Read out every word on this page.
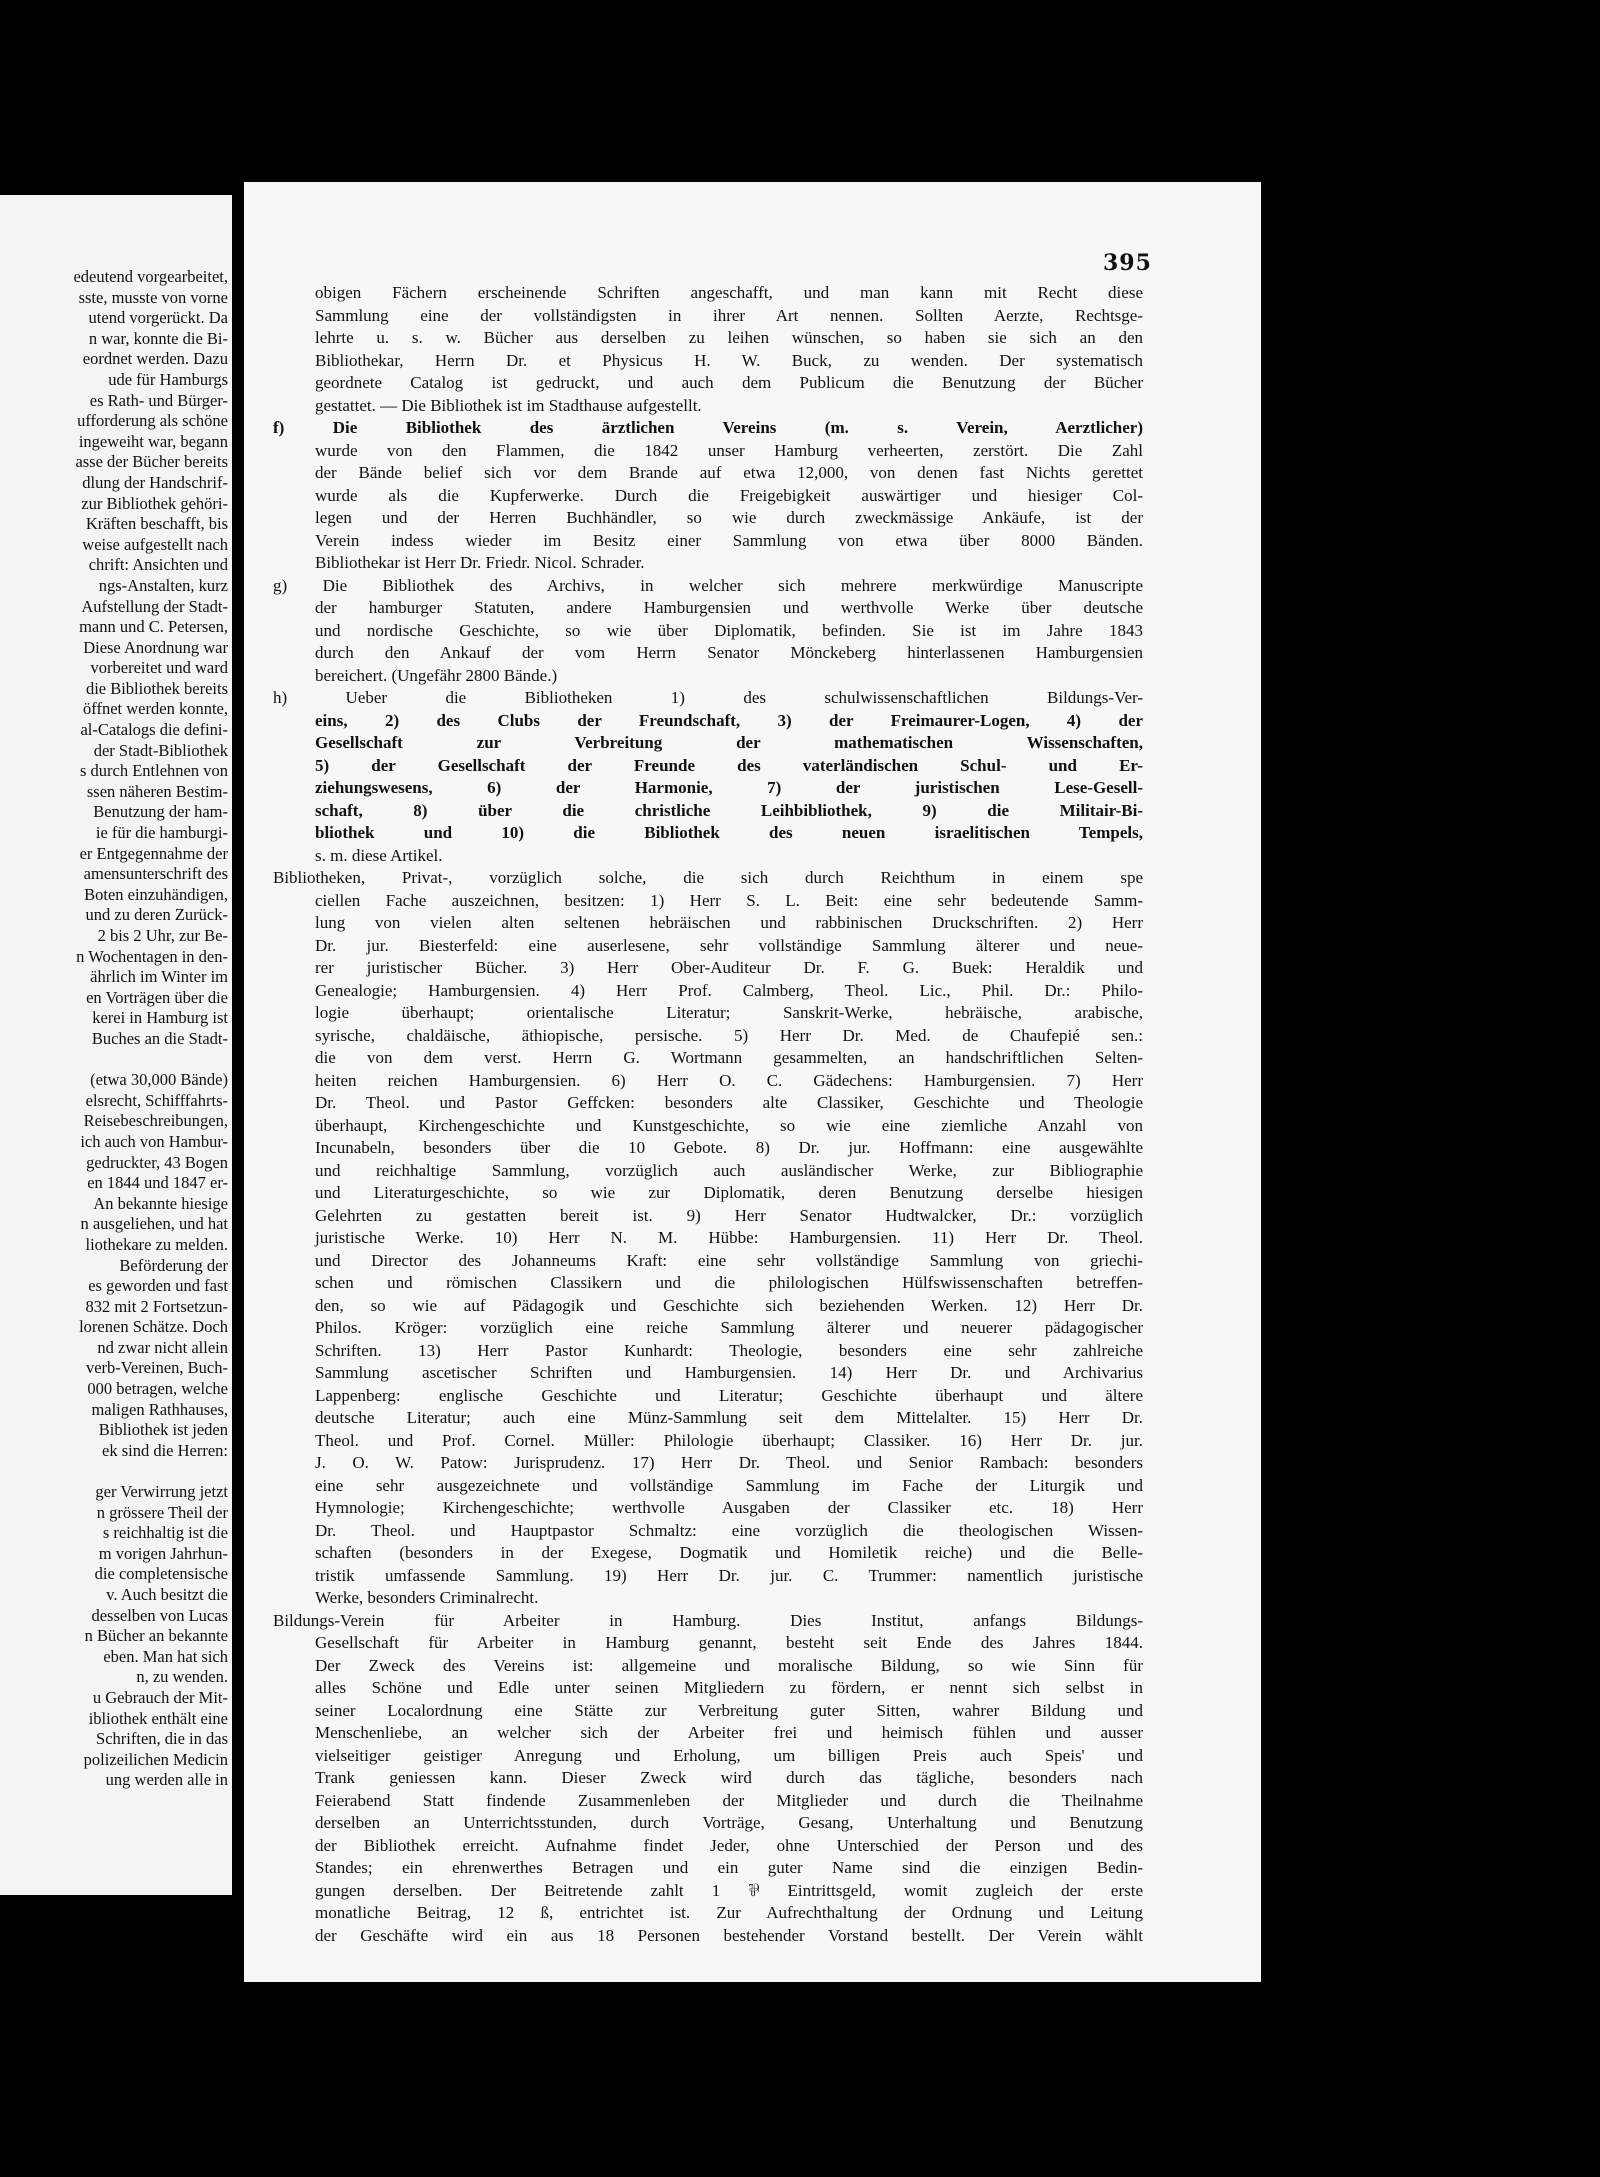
edeutend vorgearbeitet,
sste, musste von vorne
utend vorgerückt. Da
n war, konnte die Bi-
eordnet werden. Dazu
ude für Hamburgs
es Rath- und Bürger-
ufforderung als schöne
ingeweiht war, begann
asse der Bücher bereits
dlung der Handschrif-
zur Bibliothek gehöri-
Kräften beschafft, bis
weise aufgestellt nach
chrift: Ansichten und
ngs-Anstalten, kurz
Aufstellung der Stadt-
mann und C. Petersen,
Diese Anordnung war
vorbereitet und ward
die Bibliothek bereits
öffnet werden konnte,
al-Catalogs die defini-
der Stadt-Bibliothek
s durch Entlehnen von
ssen näheren Bestim-
Benutzung der ham-
ie für die hamburgi-
er Entgegennahme der
amensunterschrift des
Boten einzuhändigen,
und zu deren Zurück-
2 bis 2 Uhr, zur Be-
n Wochentagen in den-
ährlich im Winter im
en Vorträgen über die
kerei in Hamburg ist
Buches an die Stadt-
(etwa 30,000 Bände)
elsrecht, Schifffahrts-
Reisebeschreibungen,
ich auch von Hambur-
gedruckter, 43 Bogen
en 1844 und 1847 er-
An bekannte hiesige
n ausgeliehen, und hat
liothekare zu melden.
Beförderung der
es geworden und fast
832 mit 2 Fortsetzun-
lorenen Schätze. Doch
nd zwar nicht allein
verb-Vereinen, Buch-
000 betragen, welche
maligen Rathhauses,
Bibliothek ist jeden
ek sind die Herren:
ger Verwirrung jetzt
n grössere Theil der
s reichhaltig ist die
m vorigen Jahrhun-
die completensische
v. Auch besitzt die
desselben von Lucas
n Bücher an bekannte
eben. Man hat sich
n, zu wenden.
u Gebrauch der Mit-
ibliothek enthält eine
Schriften, die in das
polizeilichen Medicin
ung werden alle in
395
obigen Fächern erscheinende Schriften angeschafft, und man kann mit Recht diese
Sammlung eine der vollständigsten in ihrer Art nennen. Sollten Aerzte, Rechtsge-
lehrte u. s. w. Bücher aus derselben zu leihen wünschen, so haben sie sich an den
Bibliothekar, Herrn Dr. et Physicus H. W. Buck, zu wenden. Der systematisch
geordnete Catalog ist gedruckt, und auch dem Publicum die Benutzung der Bücher
gestattet. — Die Bibliothek ist im Stadthause aufgestellt.
f) Die Bibliothek des ärztlichen Vereins (m. s. Verein, Aerztlicher)
wurde von den Flammen, die 1842 unser Hamburg verheerten, zerstört. Die Zahl
der Bände belief sich vor dem Brande auf etwa 12,000, von denen fast Nichts gerettet
wurde als die Kupferwerke. Durch die Freigebigkeit auswärtiger und hiesiger Col-
legen und der Herren Buchhändler, so wie durch zweckmässige Ankäufe, ist der
Verein indess wieder im Besitz einer Sammlung von etwa über 8000 Bänden.
Bibliothekar ist Herr Dr. Friedr. Nicol. Schrader.
g) Die Bibliothek des Archivs, in welcher sich mehrere merkwürdige Manuscripte
der hamburger Statuten, andere Hamburgensien und werthvolle Werke über deutsche
und nordische Geschichte, so wie über Diplomatik, befinden. Sie ist im Jahre 1843
durch den Ankauf der vom Herrn Senator Mönckeberg hinterlassenen Hamburgensien
bereichert. (Ungefähr 2800 Bände.)
h) Ueber die Bibliotheken 1) des schulwissenschaftlichen Bildungs-Ver-
eins, 2) des Clubs der Freundschaft, 3) der Freimaurer-Logen, 4) der
Gesellschaft zur Verbreitung der mathematischen Wissenschaften,
5) der Gesellschaft der Freunde des vaterländischen Schul- und Er-
ziehungswesens, 6) der Harmonie, 7) der juristischen Lese-Gesell-
schaft, 8) über die christliche Leihbibliothek, 9) die Militair-Bi-
bliothek und 10) die Bibliothek des neuen israelitischen Tempels,
s. m. diese Artikel.
Bibliotheken, Privat-, vorzüglich solche, die sich durch Reichthum in einem spe
ciellen Fache auszeichnen, besitzen: 1) Herr S. L. Beit: eine sehr bedeutende Samm-
lung von vielen alten seltenen hebräischen und rabbinischen Druckschriften. 2) Herr
Dr. jur. Biesterfeld: eine auserlesene, sehr vollständige Sammlung älterer und neue-
rer juristischer Bücher. 3) Herr Ober-Auditeur Dr. F. G. Buek: Heraldik und
Genealogie; Hamburgensien. 4) Herr Prof. Calmberg, Theol. Lic., Phil. Dr.: Philo-
logie überhaupt; orientalische Literatur; Sanskrit-Werke, hebräische, arabische,
syrische, chaldäische, äthiopische, persische. 5) Herr Dr. Med. de Chaufepié sen.:
die von dem verst. Herrn G. Wortmann gesammelten, an handschriftlichen Selten-
heiten reichen Hamburgensien. 6) Herr O. C. Gädechens: Hamburgensien. 7) Herr
Dr. Theol. und Pastor Geffcken: besonders alte Classiker, Geschichte und Theologie
überhaupt, Kirchengeschichte und Kunstgeschichte, so wie eine ziemliche Anzahl von
Incunabeln, besonders über die 10 Gebote. 8) Dr. jur. Hoffmann: eine ausgewählte
und reichhaltige Sammlung, vorzüglich auch ausländischer Werke, zur Bibliographie
und Literaturgeschichte, so wie zur Diplomatik, deren Benutzung derselbe hiesigen
Gelehrten zu gestatten bereit ist. 9) Herr Senator Hudtwalcker, Dr.: vorzüglich
juristische Werke. 10) Herr N. M. Hübbe: Hamburgensien. 11) Herr Dr. Theol.
und Director des Johanneums Kraft: eine sehr vollständige Sammlung von griechi-
schen und römischen Classikern und die philologischen Hülfswissenschaften betreffen-
den, so wie auf Pädagogik und Geschichte sich beziehenden Werken. 12) Herr Dr.
Philos. Kröger: vorzüglich eine reiche Sammlung älterer und neuerer pädagogischer
Schriften. 13) Herr Pastor Kunhardt: Theologie, besonders eine sehr zahlreiche
Sammlung ascetischer Schriften und Hamburgensien. 14) Herr Dr. und Archivarius
Lappenberg: englische Geschichte und Literatur; Geschichte überhaupt und ältere
deutsche Literatur; auch eine Münz-Sammlung seit dem Mittelalter. 15) Herr Dr.
Theol. und Prof. Cornel. Müller: Philologie überhaupt; Classiker. 16) Herr Dr. jur.
J. O. W. Patow: Jurisprudenz. 17) Herr Dr. Theol. und Senior Rambach: besonders
eine sehr ausgezeichnete und vollständige Sammlung im Fache der Liturgik und
Hymnologie; Kirchengeschichte; werthvolle Ausgaben der Classiker etc. 18) Herr
Dr. Theol. und Hauptpastor Schmaltz: eine vorzüglich die theologischen Wissen-
schaften (besonders in der Exegese, Dogmatik und Homiletik reiche) und die Belle-
tristik umfassende Sammlung. 19) Herr Dr. jur. C. Trummer: namentlich juristische
Werke, besonders Criminalrecht.
Bildungs-Verein für Arbeiter in Hamburg. Dies Institut, anfangs Bildungs-
Gesellschaft für Arbeiter in Hamburg genannt, besteht seit Ende des Jahres 1844.
Der Zweck des Vereins ist: allgemeine und moralische Bildung, so wie Sinn für
alles Schöne und Edle unter seinen Mitgliedern zu fördern, er nennt sich selbst in
seiner Localordnung eine Stätte zur Verbreitung guter Sitten, wahrer Bildung und
Menschenliebe, an welcher sich der Arbeiter frei und heimisch fühlen und ausser
vielseitiger geistiger Anregung und Erholung, um billigen Preis auch Speis' und
Trank geniessen kann. Dieser Zweck wird durch das tägliche, besonders nach
Feierabend Statt findende Zusammenleben der Mitglieder und durch die Theilnahme
derselben an Unterrichtsstunden, durch Vorträge, Gesang, Unterhaltung und Benutzung
der Bibliothek erreicht. Aufnahme findet Jeder, ohne Unterschied der Person und des
Standes; ein ehrenwerthes Betragen und ein guter Name sind die einzigen Bedin-
gungen derselben. Der Beitretende zahlt 1 ⅌ Eintrittsgeld, womit zugleich der erste
monatliche Beitrag, 12 ß, entrichtet ist. Zur Aufrechthaltung der Ordnung und Leitung
der Geschäfte wird ein aus 18 Personen bestehender Vorstand bestellt. Der Verein wählt
